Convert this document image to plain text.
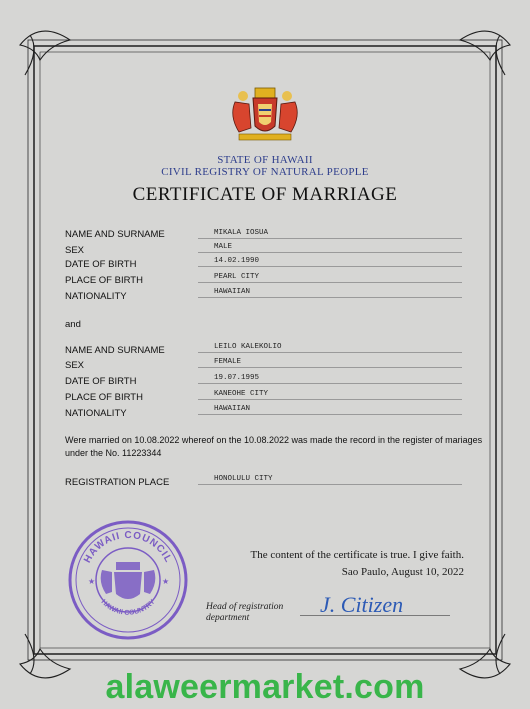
STATE OF HAWAII
CIVIL REGISTRY OF NATURAL PEOPLE
CERTIFICATE OF MARRIAGE
NAME AND SURNAME	MIKALA IOSUA
SEX	MALE
DATE OF BIRTH	14.02.1990
PLACE OF BIRTH	PEARL CITY
NATIONALITY	HAWAIIAN
and
NAME AND SURNAME	LEILO KALEKOLIO
SEX	FEMALE
DATE OF BIRTH	19.07.1995
PLACE OF BIRTH	KANEOHE CITY
NATIONALITY	HAWAIIAN
Were married on 10.08.2022 whereof on the 10.08.2022 was made the record in the register of mariages
under the No. 11223344
REGISTRATION PLACE	HONOLULU CITY
HAWAII COUNCIL
HAWAII COUNTRY
★	★
The content of the certificate is true. I give faith.
Sao Paulo, August 10, 2022
Head of registration
department
J. Citizen
alaweermarket.com
